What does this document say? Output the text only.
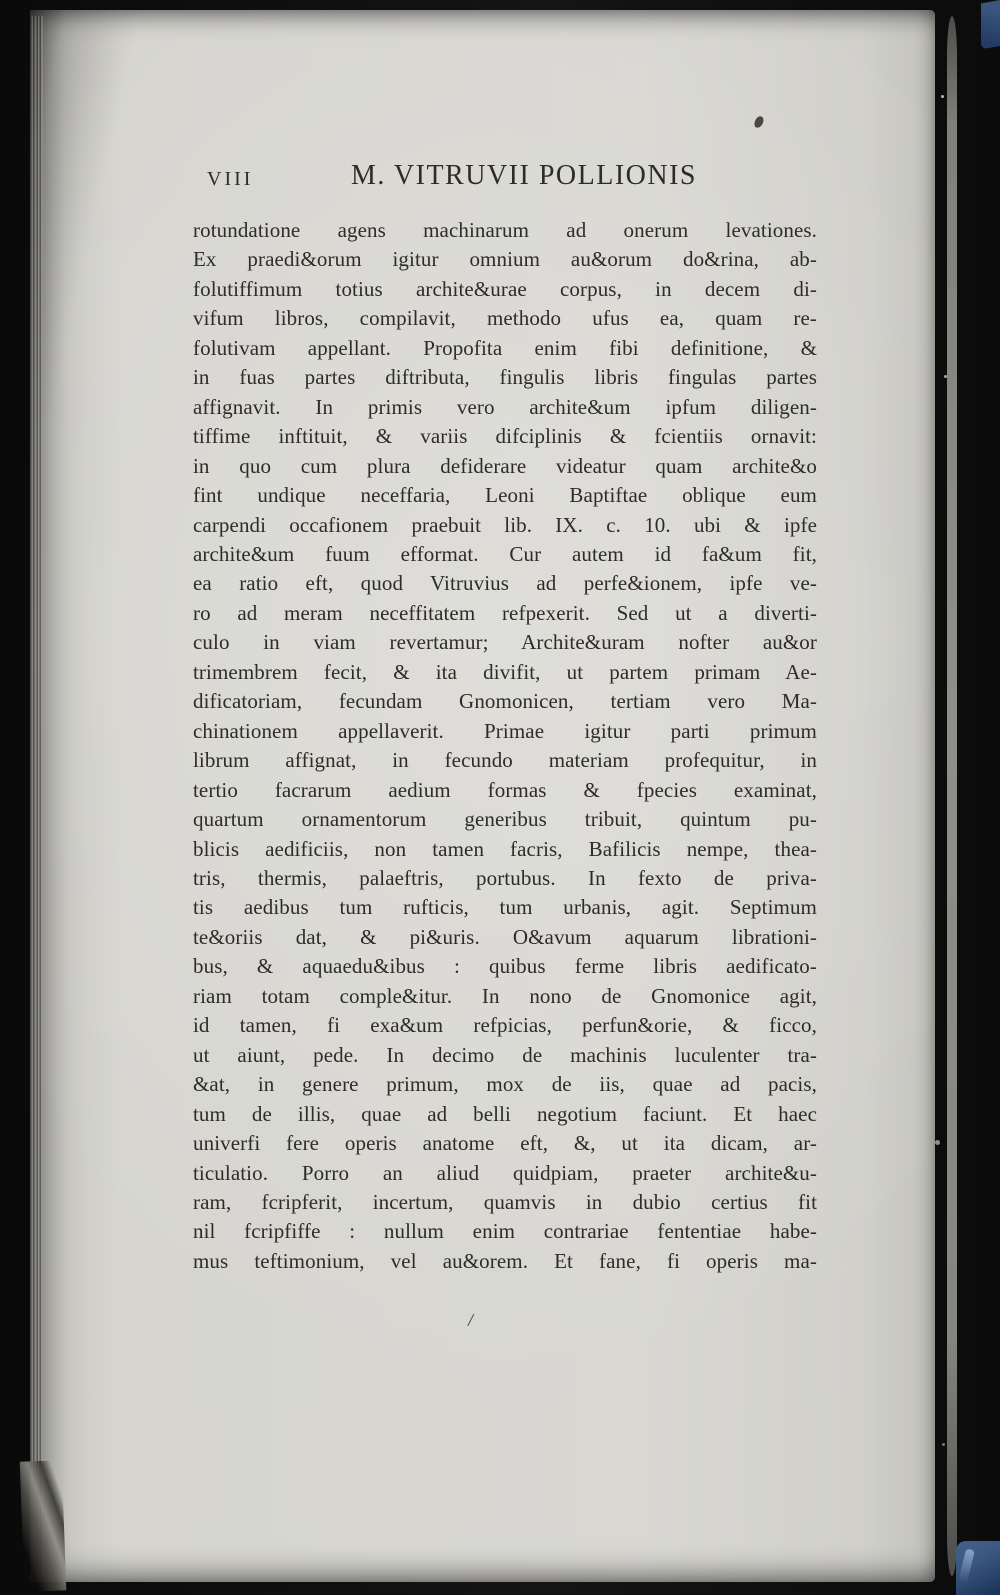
VIII	M. VITRUVII POLLIONIS
rotundatione agens machinarum ad onerum levationes.
Ex praedi&orum igitur omnium au&orum do&rina, ab-
folutiffimum totius archite&urae corpus, in decem di-
vifum libros, compilavit, methodo ufus ea, quam re-
folutivam appellant. Propofita enim fibi definitione, &
in fuas partes diftributa, fingulis libris fingulas partes
affignavit. In primis vero archite&um ipfum diligen-
tiffime inftituit, & variis difciplinis & fcientiis ornavit:
in quo cum plura defiderare videatur quam archite&o
fint undique neceffaria, Leoni Baptiftae oblique eum
carpendi occafionem praebuit lib. IX. c. 10. ubi & ipfe
archite&um fuum efformat. Cur autem id fa&um fit,
ea ratio eft, quod Vitruvius ad perfe&ionem, ipfe ve-
ro ad meram neceffitatem refpexerit. Sed ut a diverti-
culo in viam revertamur; Archite&uram nofter au&or
trimembrem fecit, & ita divifit, ut partem primam Ae-
dificatoriam, fecundam Gnomonicen, tertiam vero Ma-
chinationem appellaverit. Primae igitur parti primum
librum affignat, in fecundo materiam profequitur, in
tertio facrarum aedium formas & fpecies examinat,
quartum ornamentorum generibus tribuit, quintum pu-
blicis aedificiis, non tamen facris, Bafilicis nempe, thea-
tris, thermis, palaeftris, portubus. In fexto de priva-
tis aedibus tum rufticis, tum urbanis, agit. Septimum
te&oriis dat, & pi&uris. O&avum aquarum librationi-
bus, & aquaedu&ibus : quibus ferme libris aedificato-
riam totam comple&itur. In nono de Gnomonice agit,
id tamen, fi exa&um refpicias, perfun&orie, & ficco,
ut aiunt, pede. In decimo de machinis luculenter tra-
&at, in genere primum, mox de iis, quae ad pacis,
tum de illis, quae ad belli negotium faciunt. Et haec
univerfi fere operis anatome eft, &, ut ita dicam, ar-
ticulatio. Porro an aliud quidpiam, praeter archite&u-
ram, fcripferit, incertum, quamvis in dubio certius fit
nil fcripfiffe : nullum enim contrariae fententiae habe-
mus teftimonium, vel au&orem. Et fane, fi operis ma-
/
